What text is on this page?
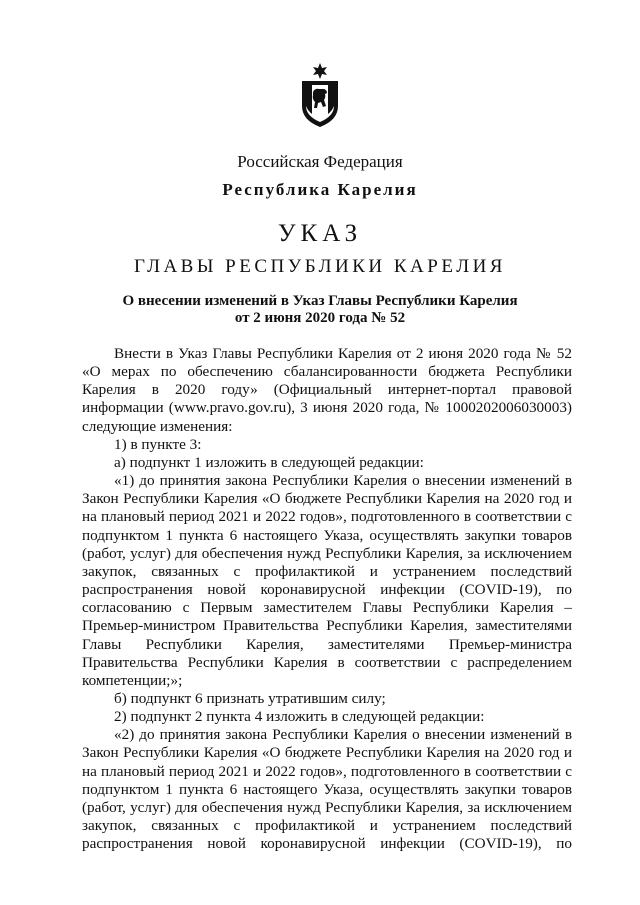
Российская Федерация
Республика Карелия
УКАЗ
ГЛАВЫ РЕСПУБЛИКИ КАРЕЛИЯ
О внесении изменений в Указ Главы Республики Карелия
от 2 июня 2020 года № 52

Внести в Указ Главы Республики Карелия от 2 июня 2020 года № 52 «О мерах по обеспечению сбалансированности бюджета Республики Карелия в 2020 году» (Официальный интернет-портал правовой информации (www.pravo.gov.ru), 3 июня 2020 года, № 1000202006030003) следующие изменения:

1) в пункте 3:

а) подпункт 1 изложить в следующей редакции:

«1) до принятия закона Республики Карелия о внесении изменений в Закон Республики Карелия «О бюджете Республики Карелия на 2020 год и на плановый период 2021 и 2022 годов», подготовленного в соответствии с подпунктом 1 пункта 6 настоящего Указа, осуществлять закупки товаров (работ, услуг) для обеспечения нужд Республики Карелия, за исключением закупок, связанных с профилактикой и устранением последствий распространения новой коронавирусной инфекции (COVID-19), по согласованию с Первым заместителем Главы Республики Карелия – Премьер-министром Правительства Республики Карелия, заместителями Главы Республики Карелия, заместителями Премьер-министра Правительства Республики Карелия в соответствии с распределением компетенции;»;

б) подпункт 6 признать утратившим силу;

2) подпункт 2 пункта 4 изложить в следующей редакции:

«2) до принятия закона Республики Карелия о внесении изменений в Закон Республики Карелия «О бюджете Республики Карелия на 2020 год и на плановый период 2021 и 2022 годов», подготовленного в соответствии с подпунктом 1 пункта 6 настоящего Указа, осуществлять закупки товаров (работ, услуг) для обеспечения нужд Республики Карелия, за исключением закупок, связанных с профилактикой и устранением последствий распространения новой коронавирусной инфекции (COVID-19), по
